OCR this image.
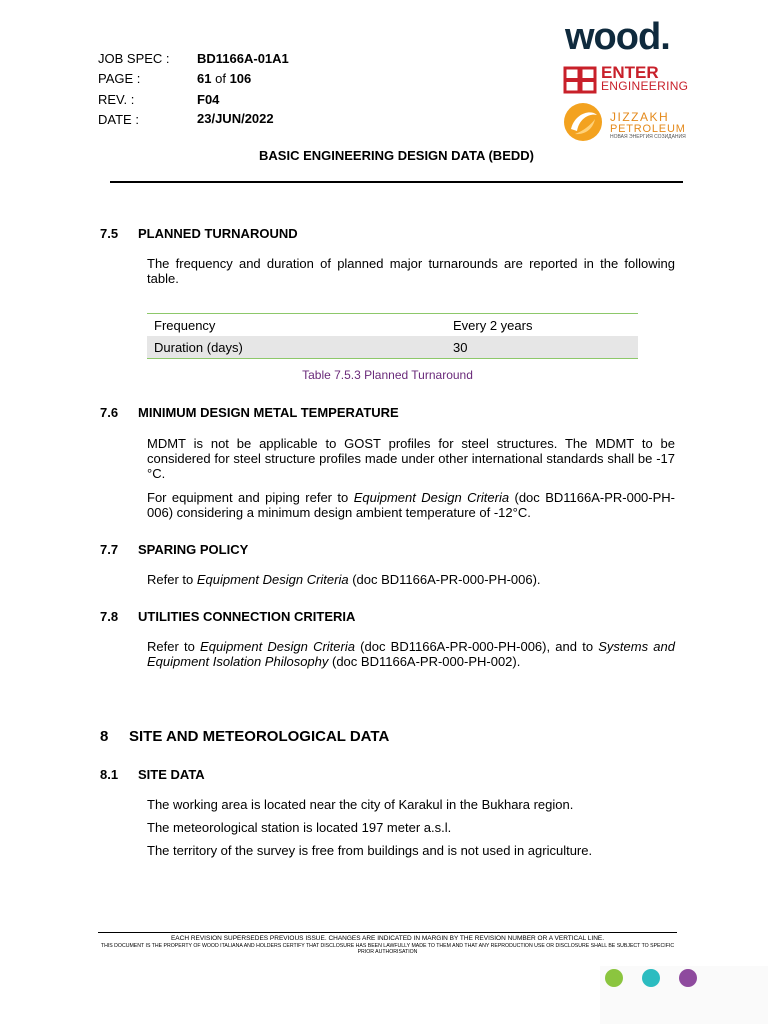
JOB SPEC : BD1166A-01A1
PAGE :	61 of 106
REV. :	F04
DATE :	23/JUN/2022
wood.
ENTER
ENGINEERING
JIZZAKH
PETROLEUM
НОВАЯ ЭНЕРГИЯ СОЗИДАНИЯ
BASIC ENGINEERING DESIGN DATA (BEDD)
7.5 PLANNED TURNAROUND
The frequency and duration of planned major turnarounds are reported in the following table.
Frequency	Every 2 years
Duration (days)	30
Table 7.5.3 Planned Turnaround
7.6 MINIMUM DESIGN METAL TEMPERATURE
MDMT is not be applicable to GOST profiles for steel structures. The MDMT to be considered for steel structure profiles made under other international standards shall be -17 °C.
For equipment and piping refer to Equipment Design Criteria (doc BD1166A-PR-000-PH-006) considering a minimum design ambient temperature of -12°C.
7.7 SPARING POLICY
Refer to Equipment Design Criteria (doc BD1166A-PR-000-PH-006).
7.8 UTILITIES CONNECTION CRITERIA
Refer to Equipment Design Criteria (doc BD1166A-PR-000-PH-006), and to Systems and Equipment Isolation Philosophy (doc BD1166A-PR-000-PH-002).
8 SITE AND METEOROLOGICAL DATA
8.1 SITE DATA
The working area is located near the city of Karakul in the Bukhara region.
The meteorological station is located 197 meter a.s.l.
The territory of the survey is free from buildings and is not used in agriculture.
EACH REVISION SUPERSEDES PREVIOUS ISSUE. CHANGES ARE INDICATED IN MARGIN BY THE REVISION NUMBER OR A VERTICAL LINE.
THIS DOCUMENT IS THE PROPERTY OF WOOD ITALIANA AND HOLDERS CERTIFY THAT DISCLOSURE HAS BEEN LAWFULLY MADE TO THEM AND THAT ANY REPRODUCTION USE OR DISCLOSURE SHALL BE SUBJECT TO SPECIFIC PRIOR AUTHORISATION
